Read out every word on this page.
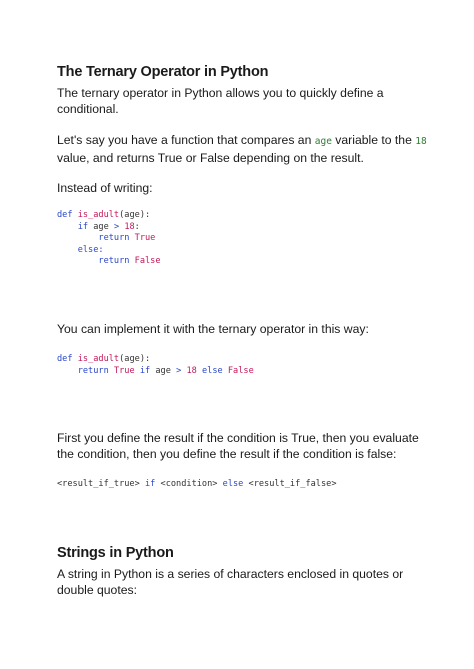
The Ternary Operator in Python
The ternary operator in Python allows you to quickly define a conditional.
Let's say you have a function that compares an age variable to the 18 value, and returns True or False depending on the result.
Instead of writing:
def is_adult(age):
if age > 18:
return True
else:
return False
You can implement it with the ternary operator in this way:
def is_adult(age):
return True if age > 18 else False
First you define the result if the condition is True, then you evaluate the condition, then you define the result if the condition is false:
<result_if_true> if <condition> else <result_if_false>
Strings in Python
A string in Python is a series of characters enclosed in quotes or double quotes:
